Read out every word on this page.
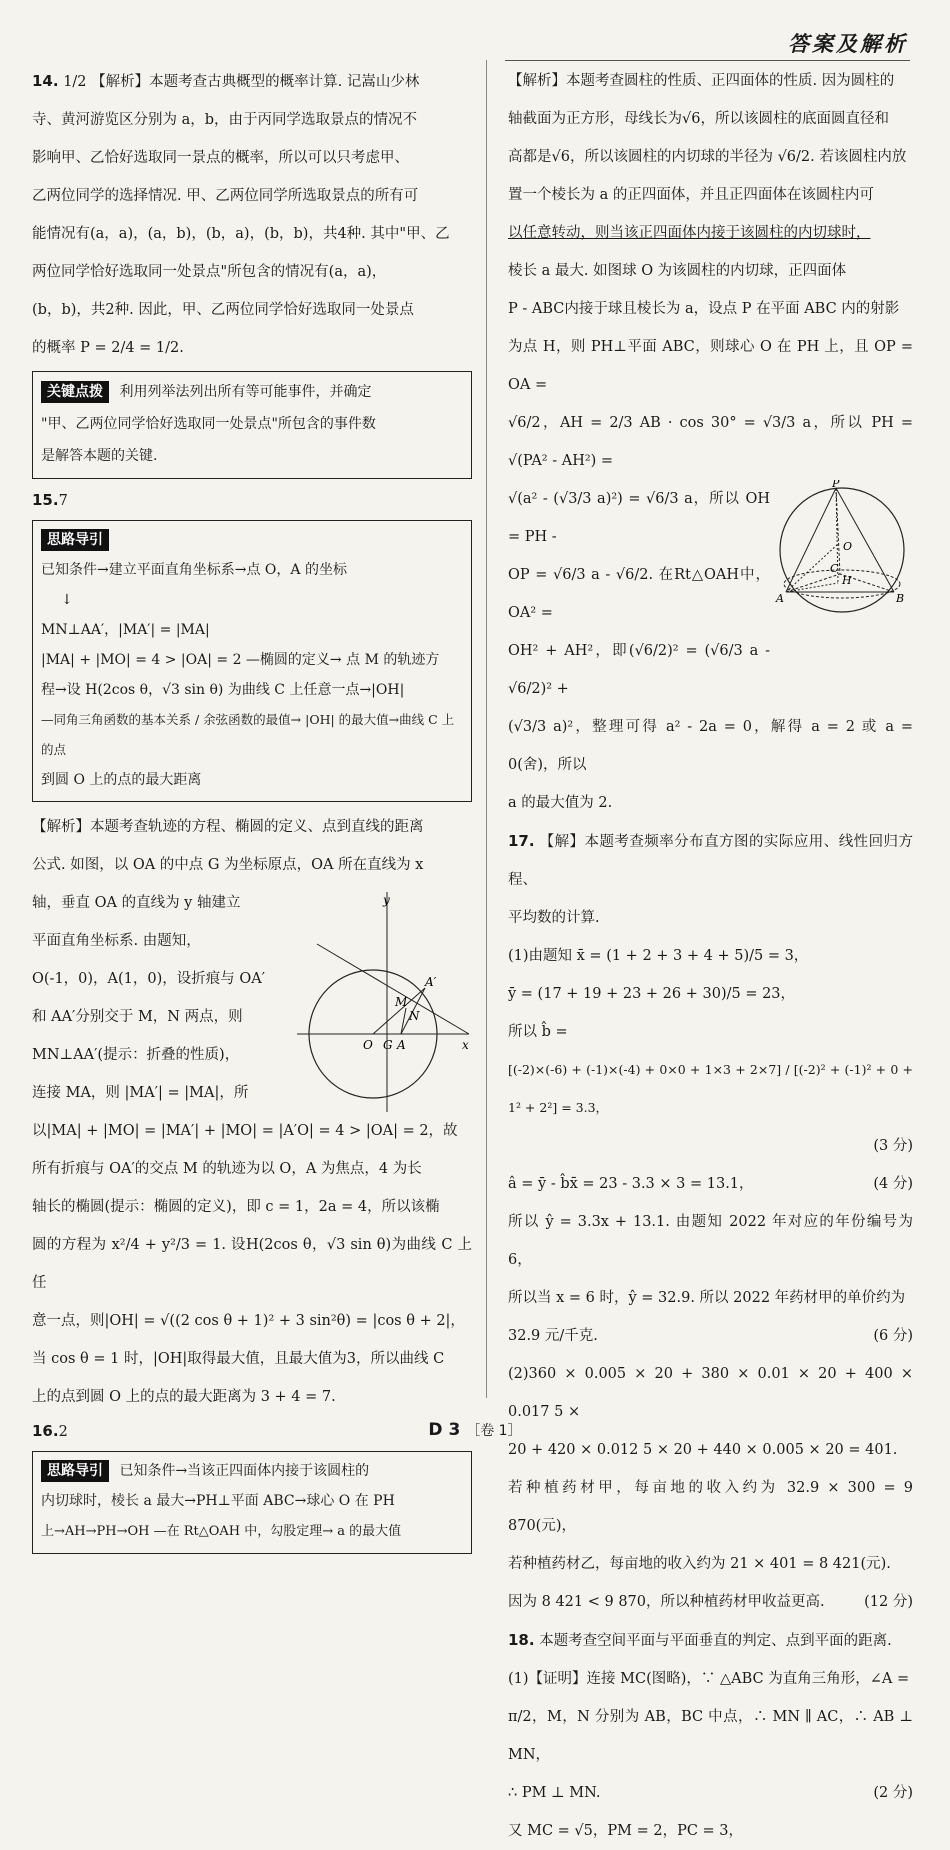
答案及解析

14. 1/2 【解析】本题考查古典概型的概率计算. 记嵩山少林

寺、黄河游览区分别为 a，b，由于丙同学选取景点的情况不

影响甲、乙恰好选取同一景点的概率，所以可以只考虑甲、

乙两位同学的选择情况. 甲、乙两位同学所选取景点的所有可

能情况有(a，a)，(a，b)，(b，a)，(b，b)，共4种. 其中"甲、乙

两位同学恰好选取同一处景点"所包含的情况有(a，a)，

(b，b)，共2种. 因此，甲、乙两位同学恰好选取同一处景点

的概率 P = 2/4 = 1/2.

关键点拨 利用列举法列出所有等可能事件，并确定
"甲、乙两位同学恰好选取同一处景点"所包含的事件数
是解答本题的关键.

15.7

思路导引
已知条件→建立平面直角坐标系→点 O，A 的坐标
↓
MN⊥AA′，|MA′| = |MA|
|MA| + |MO| = 4 > |OA| = 2 —椭圆的定义→ 点 M 的轨迹方
程→设 H(2cos θ，√3 sin θ) 为曲线 C 上任意一点→|OH|
—同角三角函数的基本关系 / 余弦函数的最值→ |OH| 的最大值→曲线 C 上的点
到圆 O 上的点的最大距离

【解析】本题考查轨迹的方程、椭圆的定义、点到直线的距离

公式. 如图，以 OA 的中点 G 为坐标原点，OA 所在直线为 x

轴，垂直 OA 的直线为 y 轴建立

平面直角坐标系. 由题知，

O(-1，0)，A(1，0)，设折痕与 OA′

和 AA′分别交于 M，N 两点，则

MN⊥AA′(提示：折叠的性质)，

连接 MA，则 |MA′| = |MA|，所

y
x
O G A
A′
M
N

以|MA| + |MO| = |MA′| + |MO| = |A′O| = 4 > |OA| = 2，故

所有折痕与 OA′的交点 M 的轨迹为以 O，A 为焦点，4 为长

轴长的椭圆(提示：椭圆的定义)，即 c = 1，2a = 4，所以该椭

圆的方程为 x²/4 + y²/3 = 1. 设H(2cos θ，√3 sin θ)为曲线 C 上任

意一点，则|OH| = √((2 cos θ + 1)² + 3 sin²θ) = |cos θ + 2|，

当 cos θ = 1 时，|OH|取得最大值，且最大值为3，所以曲线 C

上的点到圆 O 上的点的最大距离为 3 + 4 = 7.

16.2

思路导引 已知条件→当该正四面体内接于该圆柱的
内切球时，棱长 a 最大→PH⊥平面 ABC→球心 O 在 PH
上→AH→PH→OH —在 Rt△OAH 中，勾股定理→ a 的最大值

【解析】本题考查圆柱的性质、正四面体的性质. 因为圆柱的

轴截面为正方形，母线长为√6，所以该圆柱的底面圆直径和

高都是√6，所以该圆柱的内切球的半径为 √6/2. 若该圆柱内放

置一个棱长为 a 的正四面体，并且正四面体在该圆柱内可

以任意转动，则当该正四面体内接于该圆柱的内切球时，

棱长 a 最大. 如图球 O 为该圆柱的内切球，正四面体

P - ABC内接于球且棱长为 a，设点 P 在平面 ABC 内的射影

为点 H，则 PH⊥平面 ABC，则球心 O 在 PH 上，且 OP = OA =

√6/2，AH = 2/3 AB · cos 30° = √3/3 a，所以 PH = √(PA² - AH²) =

√(a² - (√3/3 a)²) = √6/3 a，所以 OH = PH -

OP = √6/3 a - √6/2. 在Rt△OAH中，OA² =

OH² + AH²，即(√6/2)² = (√6/3 a - √6/2)² +

P
O
C
H
A	B

(√3/3 a)²，整理可得 a² - 2a = 0，解得 a = 2 或 a = 0(舍)，所以

a 的最大值为 2.

17. 【解】本题考查频率分布直方图的实际应用、线性回归方程、

平均数的计算.

(1)由题知 x̄ = (1 + 2 + 3 + 4 + 5)/5 = 3，

ȳ = (17 + 19 + 23 + 26 + 30)/5 = 23，

所以 b̂ =

[(-2)×(-6) + (-1)×(-4) + 0×0 + 1×3 + 2×7] / [(-2)² + (-1)² + 0 + 1² + 2²] = 3.3，

(3 分)

â = ȳ - b̂x̄ = 23 - 3.3 × 3 = 13.1，	(4 分)

所以 ŷ = 3.3x + 13.1. 由题知 2022 年对应的年份编号为 6，

所以当 x = 6 时，ŷ = 32.9. 所以 2022 年药材甲的单价约为

32.9 元/千克.	(6 分)

(2)360 × 0.005 × 20 + 380 × 0.01 × 20 + 400 × 0.017 5 ×

20 + 420 × 0.012 5 × 20 + 440 × 0.005 × 20 = 401.

若种植药材甲，每亩地的收入约为 32.9 × 300 = 9 870(元)，

若种植药材乙，每亩地的收入约为 21 × 401 = 8 421(元).

因为 8 421 < 9 870，所以种植药材甲收益更高.	(12 分)

18. 本题考查空间平面与平面垂直的判定、点到平面的距离.

(1)【证明】连接 MC(图略)，∵ △ABC 为直角三角形，∠A =

π/2，M，N 分别为 AB，BC 中点，∴ MN ∥ AC，∴ AB ⊥ MN，

∴ PM ⊥ MN.	(2 分)

又 MC = √5，PM = 2，PC = 3，

D 3 ［卷 1］
